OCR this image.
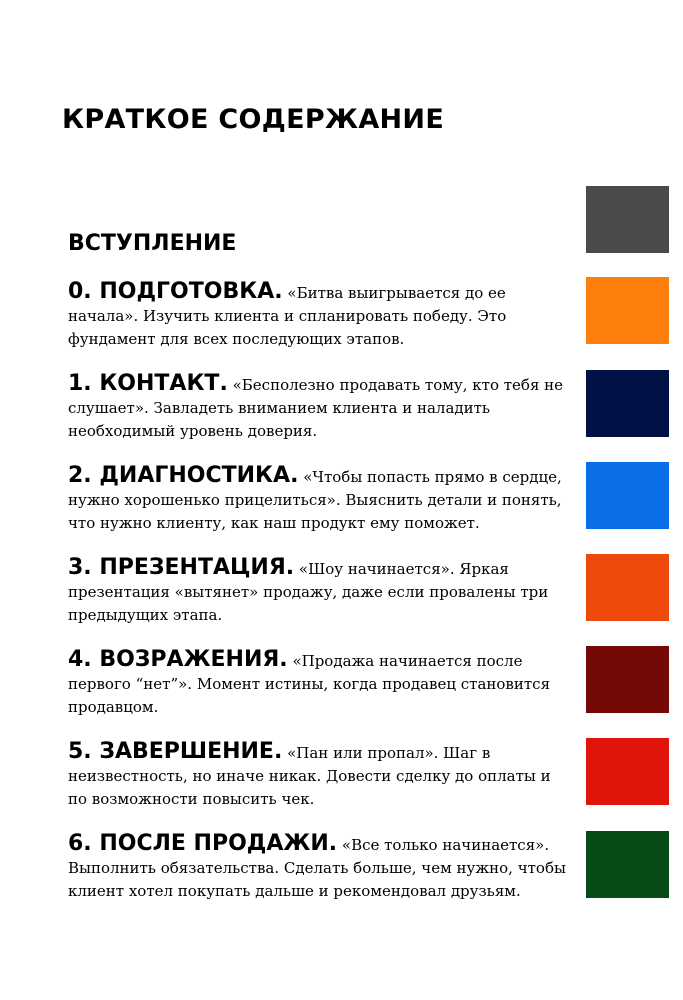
КРАТКОЕ СОДЕРЖАНИЕ
ВСТУПЛЕНИЕ
0. ПОДГОТОВКА. «Битва выигрывается до ее начала». Изучить клиента и спланировать победу. Это фундамент для всех последующих этапов.
1. КОНТАКТ. «Бесполезно продавать тому, кто тебя не слушает». Завладеть вниманием клиента и наладить необходимый уровень доверия.
2. ДИАГНОСТИКА. «Чтобы попасть прямо в сердце, нужно хорошенько прицелиться». Выяснить детали и понять, что нужно клиенту, как наш продукт ему поможет.
3. ПРЕЗЕНТАЦИЯ. «Шоу начинается». Яркая презентация «вытянет» продажу, даже если провалены три предыдущих этапа.
4. ВОЗРАЖЕНИЯ. «Продажа начинается после первого “нет”». Момент истины, когда продавец становится продавцом.
5. ЗАВЕРШЕНИЕ. «Пан или пропал». Шаг в неизвестность, но иначе никак. Довести сделку до оплаты и по возможности повысить чек.
6. ПОСЛЕ ПРОДАЖИ. «Все только начинается». Выполнить обязательства. Сделать больше, чем нужно, чтобы клиент хотел покупать дальше и рекомендовал друзьям.
